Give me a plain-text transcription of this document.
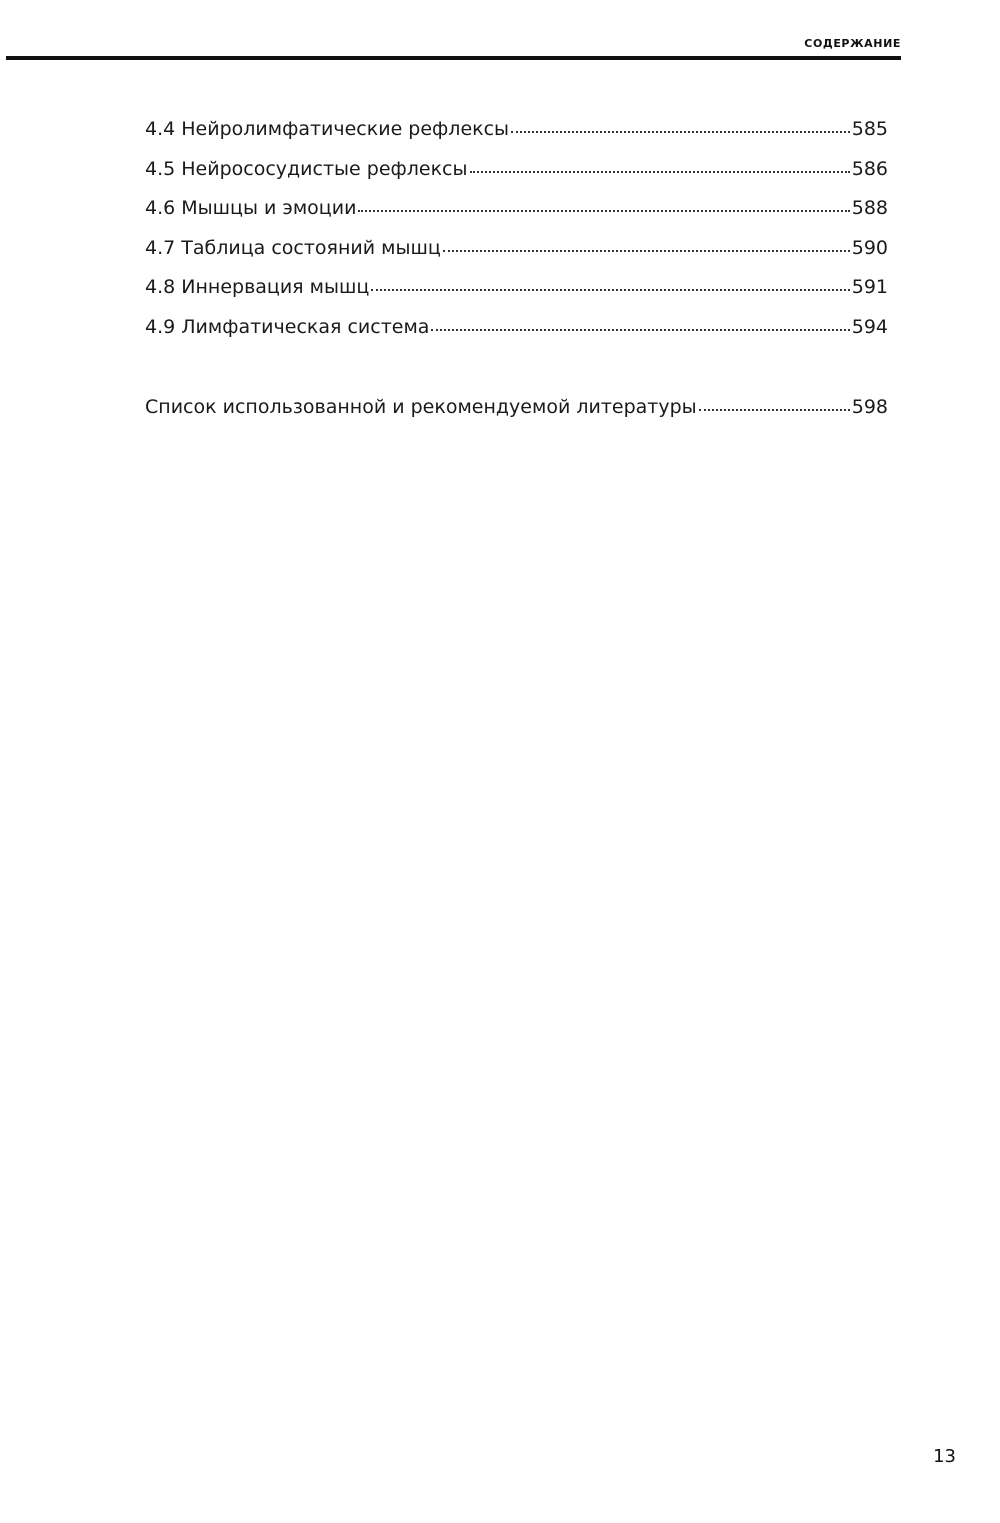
СОДЕРЖАНИЕ
4.4 Нейролимфатические рефлексы	585
4.5 Нейрососудистые рефлексы	586
4.6 Мышцы и эмоции	588
4.7 Таблица состояний мышц	590
4.8 Иннервация мышц	591
4.9 Лимфатическая система	594
Список использованной и рекомендуемой литературы	598
13
